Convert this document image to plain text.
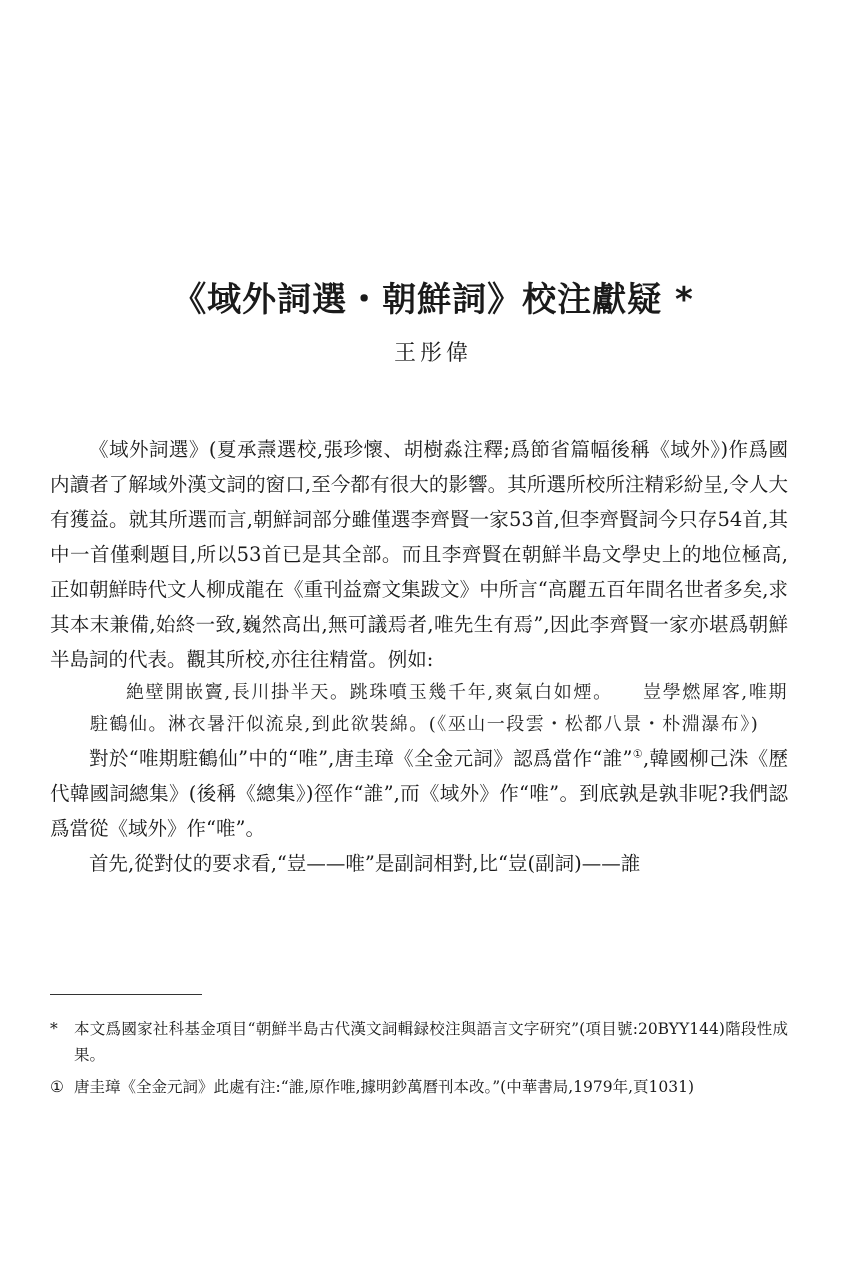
《域外詞選・朝鮮詞》校注獻疑 *
王彤偉

《域外詞選》(夏承燾選校,張珍懷、胡樹淼注釋;爲節省篇幅後稱《域外》)作爲國内讀者了解域外漢文詞的窗口,至今都有很大的影響。其所選所校所注精彩紛呈,令人大有獲益。就其所選而言,朝鮮詞部分雖僅選李齊賢一家53首,但李齊賢詞今只存54首,其中一首僅剩題目,所以53首已是其全部。而且李齊賢在朝鮮半島文學史上的地位極高,正如朝鮮時代文人柳成龍在《重刊益齋文集跋文》中所言“高麗五百年間名世者多矣,求其本末兼備,始終一致,巍然高出,無可議焉者,唯先生有焉”,因此李齊賢一家亦堪爲朝鮮半島詞的代表。觀其所校,亦往往精當。例如:

絶壁開嵌竇,長川掛半天。跳珠噴玉幾千年,爽氣白如煙。　　豈學燃犀客,唯期駐鶴仙。淋衣暑汗似流泉,到此欲裝綿。(《巫山一段雲・松都八景・朴淵瀑布》)

對於“唯期駐鶴仙”中的“唯”,唐圭璋《全金元詞》認爲當作“誰”①,韓國柳己洙《歷代韓國詞總集》(後稱《總集》)徑作“誰”,而《域外》作“唯”。到底孰是孰非呢?我們認爲當從《域外》作“唯”。

首先,從對仗的要求看,“豈——唯”是副詞相對,比“豈(副詞)——誰

*	本文爲國家社科基金項目“朝鮮半島古代漢文詞輯録校注與語言文字研究”(項目號:20BYY144)階段性成果。
① 唐圭璋《全金元詞》此處有注:“誰,原作唯,據明鈔萬曆刊本改。”(中華書局,1979年,頁1031)
